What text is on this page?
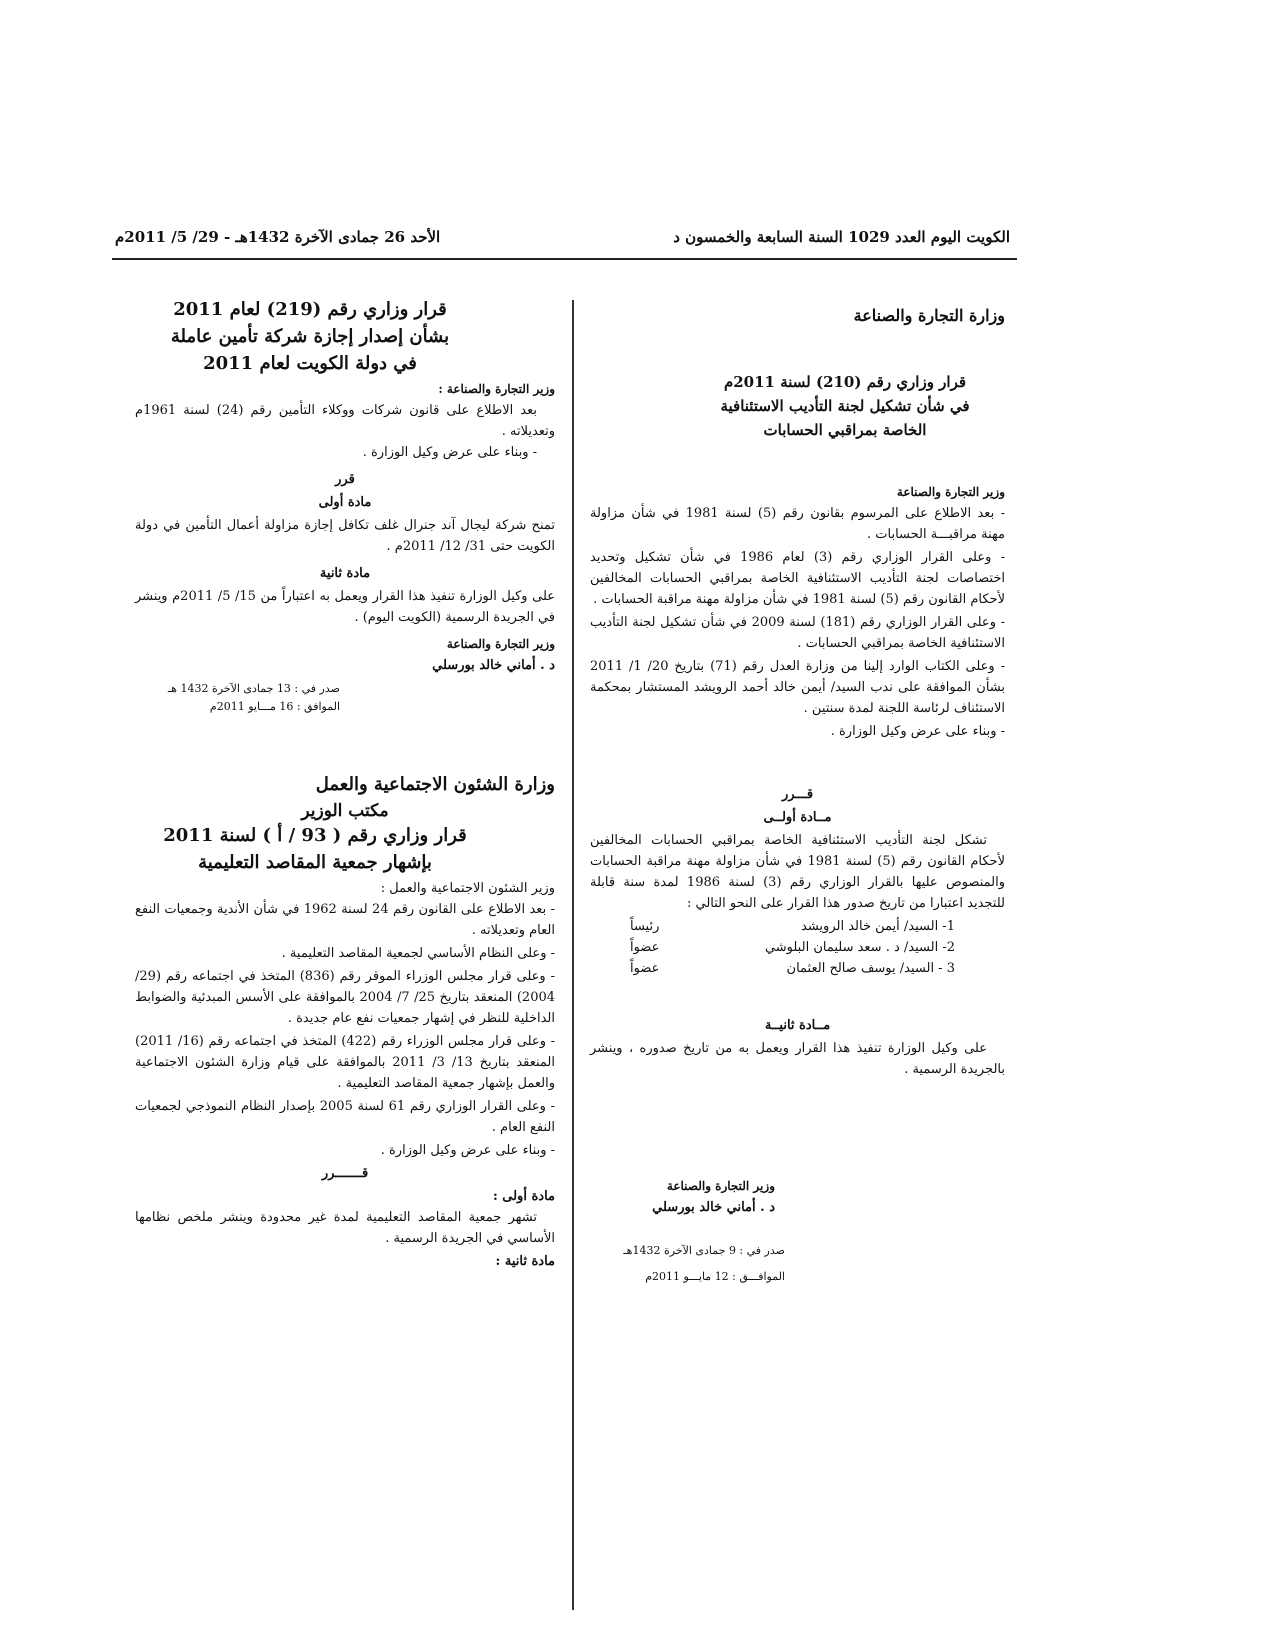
الكويت اليوم العدد 1029 السنة السابعة والخمسون د
الأحد 26 جمادى الآخرة 1432هـ - 29/ 5/ 2011م
وزارة التجارة والصناعة
قرار وزاري رقم (210) لسنة 2011م
في شأن تشكيل لجنة التأديب الاستئنافية
الخاصة بمراقبي الحسابات
وزير التجارة والصناعة

- بعد الاطلاع على المرسوم بقانون رقم (5) لسنة 1981 في شأن مزاولة مهنة مراقبـــة الحسابات .

- وعلى القرار الوزاري رقم (3) لعام 1986 في شأن تشكيل وتحديد اختصاصات لجنة التأديب الاستئنافية الخاصة بمراقبي الحسابات المخالفين لأحكام القانون رقم (5) لسنة 1981 في شأن مزاولة مهنة مراقبة الحسابات .

- وعلى القرار الوزاري رقم (181) لسنة 2009 في شأن تشكيل لجنة التأديب الاستئنافية الخاصة بمراقبي الحسابات .

- وعلى الكتاب الوارد إلينا من وزارة العدل رقم (71) بتاريخ 20/ 1/ 2011 بشأن الموافقة على ندب السيد/ أيمن خالد أحمد الرويشد المستشار بمحكمة الاستئناف لرئاسة اللجنة لمدة سنتين .

- وبناء على عرض وكيل الوزارة .

قـــرر
مــادة أولــى

تشكل لجنة التأديب الاستئنافية الخاصة بمراقبي الحسابات المخالفين لأحكام القانون رقم (5) لسنة 1981 في شأن مزاولة مهنة مراقبة الحسابات والمنصوص عليها بالقرار الوزاري رقم (3) لسنة 1986 لمدة سنة قابلة للتجديد اعتبارا من تاريخ صدور هذا القرار على النحو التالي :

1- السيد/ أيمن خالد الرويشد
رئيساً
2- السيد/ د . سعد سليمان البلوشي
عضواً
3 - السيد/ يوسف صالح العثمان
عضواً
مــادة ثانيــة

على وكيل الوزارة تنفيذ هذا القرار ويعمل به من تاريخ صدوره ، وينشر بالجريدة الرسمية .

وزير التجارة والصناعة
د . أماني خالد بورسلي
صدر في : 9 جمادى الآخرة 1432هـ
الموافـــق : 12 مايـــو 2011م
قرار وزاري رقم (219) لعام 2011
بشأن إصدار إجازة شركة تأمين عاملة
في دولة الكويت لعام 2011
وزير التجارة والصناعة :

بعد الاطلاع على قانون شركات ووكلاء التأمين رقم (24) لسنة 1961م وتعديلاته .

- وبناء على عرض وكيل الوزارة .

قرر
مادة أولى

تمنح شركة ليجال آند جنرال غلف تكافل إجازة مزاولة أعمال التأمين في دولة الكويت حتى 31/ 12/ 2011م .

مادة ثانية

على وكيل الوزارة تنفيذ هذا القرار ويعمل به اعتباراً من 15/ 5/ 2011م وينشر في الجريدة الرسمية (الكويت اليوم) .

وزير التجارة والصناعة
د . أماني خالد بورسلي
صدر في : 13 جمادى الآخرة 1432 هـ
الموافق : 16 مـــايو 2011م
وزارة الشئون الاجتماعية والعمل
مكتب الوزير
قرار وزاري رقم ( 93 / أ ) لسنة 2011
بإشهار جمعية المقاصد التعليمية
وزير الشئون الاجتماعية والعمل :

- بعد الاطلاع على القانون رقم 24 لسنة 1962 في شأن الأندية وجمعيات النفع العام وتعديلاته .

- وعلى النظام الأساسي لجمعية المقاصد التعليمية .

- وعلى قرار مجلس الوزراء الموقر رقم (836) المتخذ في اجتماعه رقم (29/ 2004) المنعقد بتاريخ 25/ 7/ 2004 بالموافقة على الأسس المبدئية والضوابط الداخلية للنظر في إشهار جمعيات نفع عام جديدة .

- وعلى قرار مجلس الوزراء رقم (422) المتخذ في اجتماعه رقم (16/ 2011) المنعقد بتاريخ 13/ 3/ 2011 بالموافقة على قيام وزارة الشئون الاجتماعية والعمل بإشهار جمعية المقاصد التعليمية .

- وعلى القرار الوزاري رقم 61 لسنة 2005 بإصدار النظام النموذجي لجمعيات النفع العام .

- وبناء على عرض وكيل الوزارة .

قـــــــرر
مادة أولى :

تشهر جمعية المقاصد التعليمية لمدة غير محدودة وينشر ملخص نظامها الأساسي في الجريدة الرسمية .

مادة ثانية :
